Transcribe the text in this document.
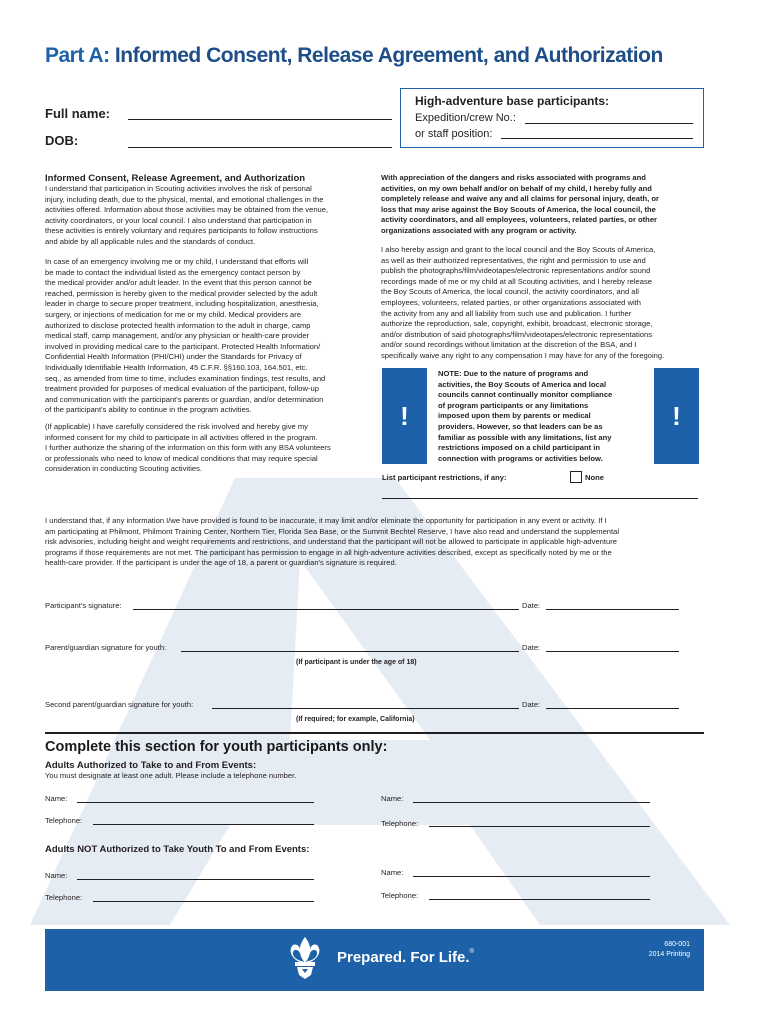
Part A: Informed Consent, Release Agreement, and Authorization
Full name:
DOB:
High-adventure base participants:
Expedition/crew No.:
or staff position:
Informed Consent, Release Agreement, and Authorization
I understand that participation in Scouting activities involves the risk of personal
injury, including death, due to the physical, mental, and emotional challenges in the
activities offered. Information about those activities may be obtained from the venue,
activity coordinators, or your local council. I also understand that participation in
these activities is entirely voluntary and requires participants to follow instructions
and abide by all applicable rules and the standards of conduct.
In case of an emergency involving me or my child, I understand that efforts will
be made to contact the individual listed as the emergency contact person by
the medical provider and/or adult leader. In the event that this person cannot be
reached, permission is hereby given to the medical provider selected by the adult
leader in charge to secure proper treatment, including hospitalization, anesthesia,
surgery, or injections of medication for me or my child. Medical providers are
authorized to disclose protected health information to the adult in charge, camp
medical staff, camp management, and/or any physician or health-care provider
involved in providing medical care to the participant. Protected Health Information/
Confidential Health Information (PHI/CHI) under the Standards for Privacy of
Individually Identifiable Health Information, 45 C.F.R. §§160.103, 164.501, etc.
seq., as amended from time to time, includes examination findings, test results, and
treatment provided for purposes of medical evaluation of the participant, follow-up
and communication with the participant's parents or guardian, and/or determination
of the participant's ability to continue in the program activities.
(If applicable) I have carefully considered the risk involved and hereby give my
informed consent for my child to participate in all activities offered in the program.
I further authorize the sharing of the information on this form with any BSA volunteers
or professionals who need to know of medical conditions that may require special
consideration in conducting Scouting activities.
With appreciation of the dangers and risks associated with programs and
activities, on my own behalf and/or on behalf of my child, I hereby fully and
completely release and waive any and all claims for personal injury, death, or
loss that may arise against the Boy Scouts of America, the local council, the
activity coordinators, and all employees, volunteers, related parties, or other
organizations associated with any program or activity.
I also hereby assign and grant to the local council and the Boy Scouts of America,
as well as their authorized representatives, the right and permission to use and
publish the photographs/film/videotapes/electronic representations and/or sound
recordings made of me or my child at all Scouting activities, and I hereby release
the Boy Scouts of America, the local council, the activity coordinators, and all
employees, volunteers, related parties, or other organizations associated with
the activity from any and all liability from such use and publication. I further
authorize the reproduction, sale, copyright, exhibit, broadcast, electronic storage,
and/or distribution of said photographs/film/videotapes/electronic representations
and/or sound recordings without limitation at the discretion of the BSA, and I
specifically waive any right to any compensation I may have for any of the foregoing.
!
NOTE: Due to the nature of programs and
activities, the Boy Scouts of America and local
councils cannot continually monitor compliance
of program participants or any limitations
imposed upon them by parents or medical
providers. However, so that leaders can be as
familiar as possible with any limitations, list any
restrictions imposed on a child participant in
connection with programs or activities below.
!
List participant restrictions, if any:	None
I understand that, if any information I/we have provided is found to be inaccurate, it may limit and/or eliminate the opportunity for participation in any event or activity. If I
am participating at Philmont, Philmont Training Center, Northern Tier, Florida Sea Base, or the Summit Bechtel Reserve, I have also read and understand the supplemental
risk advisories, including height and weight requirements and restrictions, and understand that the participant will not be allowed to participate in applicable high-adventure
programs if those requirements are not met. The participant has permission to engage in all high-adventure activities described, except as specifically noted by me or the
health-care provider. If the participant is under the age of 18, a parent or guardian's signature is required.
Participant's signature:	Date:
Parent/guardian signature for youth:	Date:
(If participant is under the age of 18)
Second parent/guardian signature for youth:	Date:
(If required; for example, California)
Complete this section for youth participants only:
Adults Authorized to Take to and From Events:
You must designate at least one adult. Please include a telephone number.
Name:	Name:
Telephone:	Telephone:
Adults NOT Authorized to Take Youth To and From Events:
Name:	Name:
Telephone:	Telephone:
Prepared. For Life.®
680-001
2014 Printing
